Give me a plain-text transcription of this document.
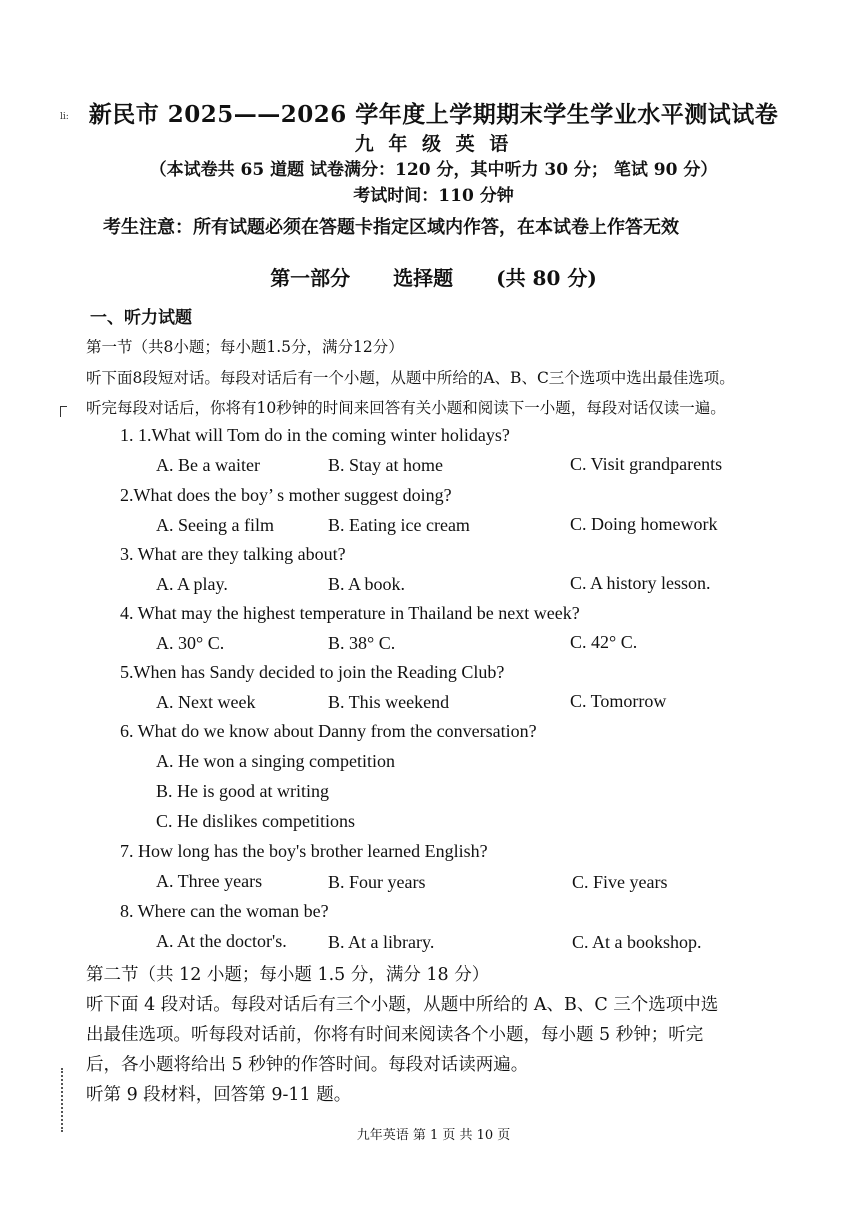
li: 新民市 2025——2026 学年度上学期期末学生学业水平测试试卷
九 年 级 英 语
（本试卷共 65 道题 试卷满分：120 分，其中听力 30 分； 笔试 90 分）
考试时间：110 分钟
考生注意：所有试题必须在答题卡指定区域内作答，在本试卷上作答无效
第一部分 选择题 (共 80 分)
一、听力试题
第一节（共8小题；每小题1.5分，满分12分）
听下面8段短对话。每段对话后有一个小题，从题中所给的A、B、C三个选项中选出最佳选项。
听完每段对话后，你将有10秒钟的时间来回答有关小题和阅读下一小题，每段对话仅读一遍。
1. 1.What will Tom do in the coming winter holidays?
A. Be a waiter	B. Stay at home	C. Visit grandparents
2.What does the boy’ s mother suggest doing?
A. Seeing a film	B. Eating ice cream	C. Doing homework
3. What are they talking about?
A. A play.	B. A book.	C. A history lesson.
4. What may the highest temperature in Thailand be next week?
A. 30° C.	B. 38° C.	C. 42° C.
5.When has Sandy decided to join the Reading Club?
A. Next week	B. This weekend	C. Tomorrow
6. What do we know about Danny from the conversation?
A. He won a singing competition
B. He is good at writing
C. He dislikes competitions
7. How long has the boy's brother learned English?
A. Three years	B. Four years	C. Five years
8. Where can the woman be?
A. At the doctor's. B. At a library.	C. At a bookshop.
第二节（共 12 小题；每小题 1.5 分，满分 18 分）
听下面 4 段对话。每段对话后有三个小题，从题中所给的 A、B、C 三个选项中选
出最佳选项。听每段对话前，你将有时间来阅读各个小题，每小题 5 秒钟；听完
后，各小题将给出 5 秒钟的作答时间。每段对话读两遍。
听第 9 段材料，回答第 9-11 题。
九年英语 第 1 页 共 10 页
